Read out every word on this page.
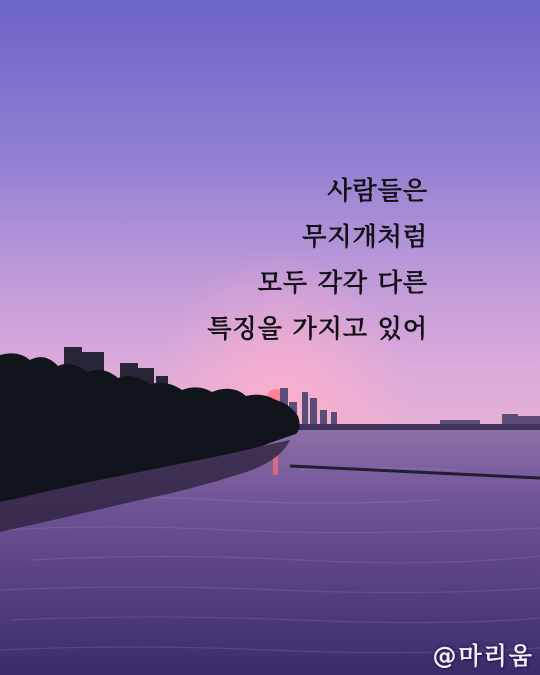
사람들은
무지개처럼
모두 각각 다른
특징을 가지고 있어
@마리움
